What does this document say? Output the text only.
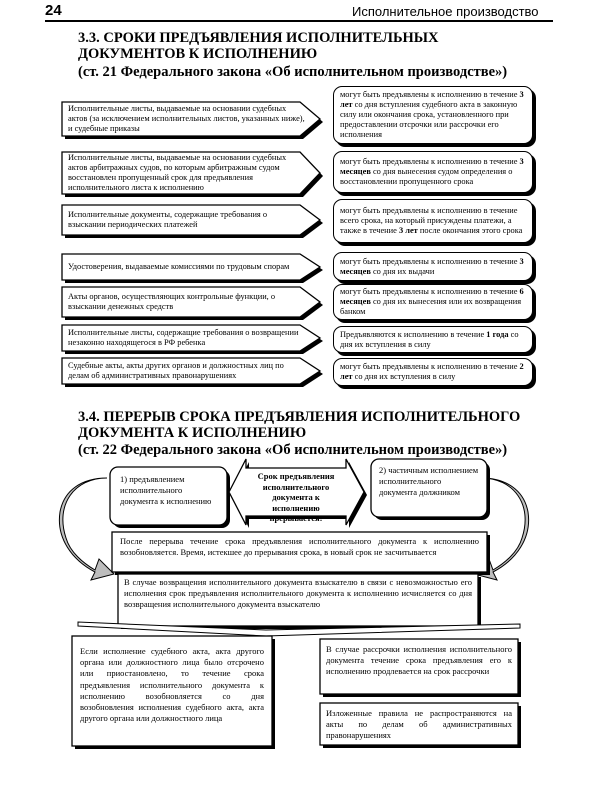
24	Исполнительное производство
3.3. СРОКИ ПРЕДЪЯВЛЕНИЯ ИСПОЛНИТЕЛЬНЫХ ДОКУМЕНТОВ К ИСПОЛНЕНИЮ
(ст. 21 Федерального закона «Об исполнительном производстве»)
Исполнительные листы, выдаваемые на основании судебных актов (за исключением исполнительных листов, указанных ниже), и судебные приказы
Исполнительные листы, выдаваемые на основании судебных актов арбитражных судов, по которым арбитражным судом восстановлен пропущенный срок для предъявления исполнительного листа к исполнению
Исполнительные документы, содержащие требования о взыскании периодических платежей
Удостоверения, выдаваемые комиссиями по трудовым спорам
Акты органов, осуществляющих контрольные функции, о взыскании денежных средств
Исполнительные листы, содержащие требования о возвращении незаконно находящегося в РФ ребенка
Судебные акты, акты других органов и должностных лиц по делам об административных правонарушениях
могут быть предъявлены к исполнению в течение 3 лет со дня вступления судебного акта в законную силу или окончания срока, установленного при предоставлении отсрочки или рассрочки его исполнения
могут быть предъявлены к исполнению в течение 3 месяцев со дня вынесения судом определения о восстановлении пропущенного срока
могут быть предъявлены к исполнению в течение всего срока, на который присуждены платежи, а также в течение 3 лет после окончания этого срока
могут быть предъявлены к исполнению в течение 3 месяцев со дня их выдачи
могут быть предъявлены к исполнению в течение 6 месяцев со дня их вынесения или их возвращения банком
Предъявляются к исполнению в течение 1 года со дня их вступления в силу
могут быть предъявлены к исполнению в течение 2 лет со дня их вступления в силу
3.4. ПЕРЕРЫВ СРОКА ПРЕДЪЯВЛЕНИЯ ИСПОЛНИТЕЛЬНОГО ДОКУМЕНТА К ИСПОЛНЕНИЮ
(ст. 22 Федерального закона «Об исполнительном производстве»)
1) предъявлением исполнительного документа к исполнению
Срок предъявления исполнительного документа к исполнению прерывается:
2) частичным исполнением исполнительного документа должником
После перерыва течение срока предъявления исполнительного документа к исполнению возобновляется. Время, истекшее до прерывания срока, в новый срок не засчитывается
В случае возвращения исполнительного документа взыскателю в связи с невозможностью его исполнения срок предъявления исполнительного документа к исполнению исчисляется со дня возвращения исполнительного документа взыскателю
Если исполнение судебного акта, акта другого органа или должностного лица было отсрочено или приостановлено, то течение срока предъявления исполнительного документа к исполнению возобновляется со дня возобновления исполнения судебного акта, акта другого органа или должностного лица
В случае рассрочки исполнения исполнительного документа течение срока предъявления его к исполнению продлевается на срок рассрочки
Изложенные правила не распространяются на акты по делам об административных правонарушениях
